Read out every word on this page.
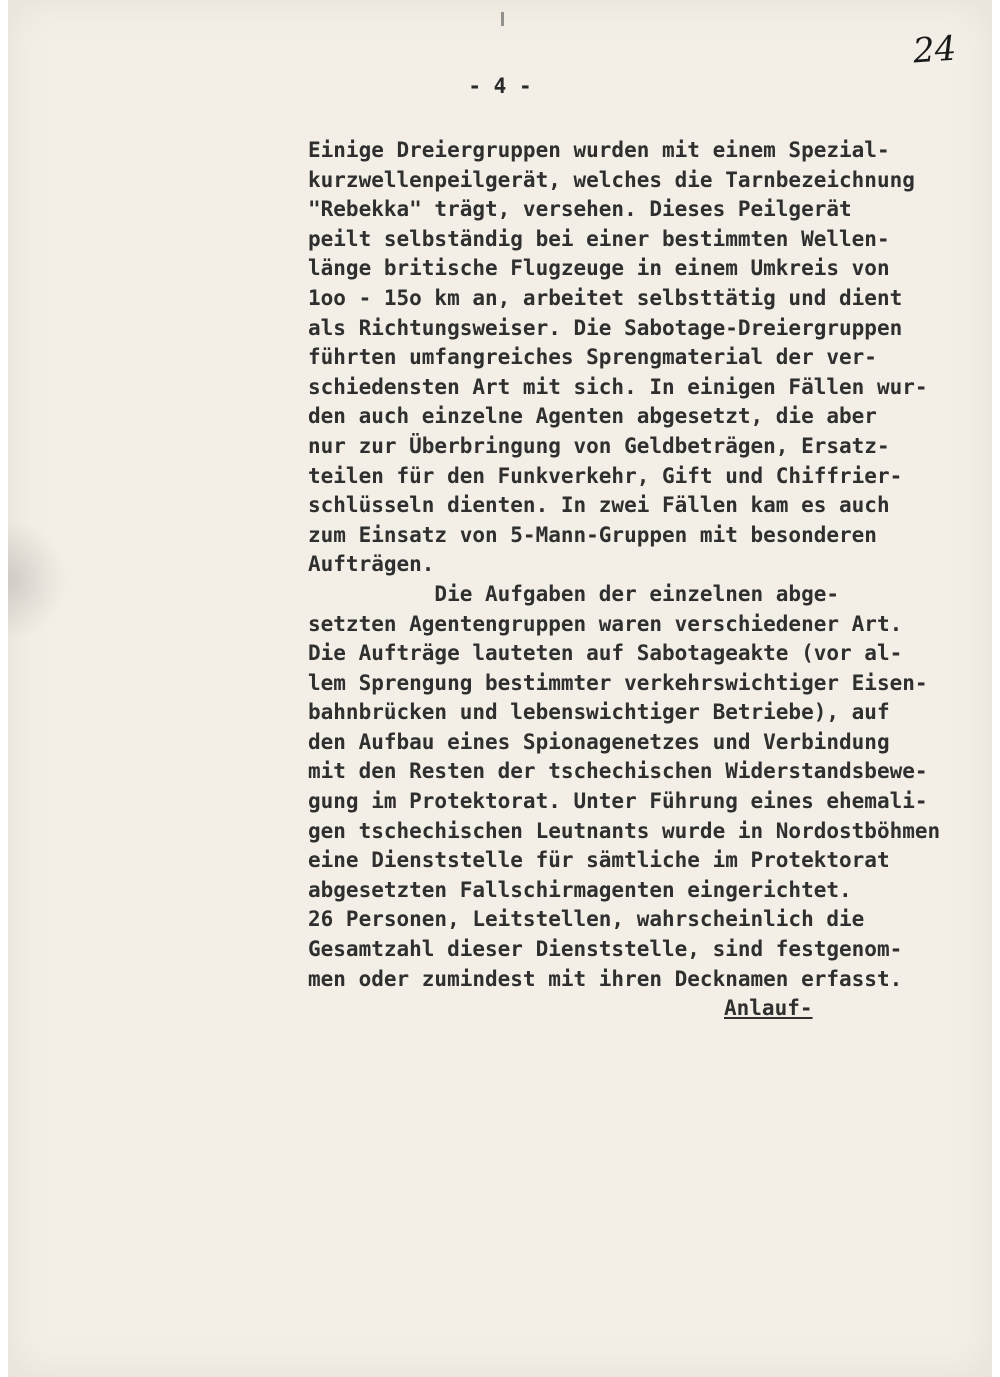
24
- 4 -
Einige Dreiergruppen wurden mit einem Spezial-
kurzwellenpeilgerät, welches die Tarnbezeichnung
"Rebekka" trägt, versehen. Dieses Peilgerät
peilt selbständig bei einer bestimmten Wellen-
länge britische Flugzeuge in einem Umkreis von
1oo - 15o km an, arbeitet selbsttätig und dient
als Richtungsweiser. Die Sabotage-Dreiergruppen
führten umfangreiches Sprengmaterial der ver-
schiedensten Art mit sich. In einigen Fällen wur-
den auch einzelne Agenten abgesetzt, die aber
nur zur Überbringung von Geldbeträgen, Ersatz-
teilen für den Funkverkehr, Gift und Chiffrier-
schlüsseln dienten. In zwei Fällen kam es auch
zum Einsatz von 5-Mann-Gruppen mit besonderen
Aufträgen.
Die Aufgaben der einzelnen abge-
setzten Agentengruppen waren verschiedener Art.
Die Aufträge lauteten auf Sabotageakte (vor al-
lem Sprengung bestimmter verkehrswichtiger Eisen-
bahnbrücken und lebenswichtiger Betriebe), auf
den Aufbau eines Spionagenetzes und Verbindung
mit den Resten der tschechischen Widerstandsbewe-
gung im Protektorat. Unter Führung eines ehemali-
gen tschechischen Leutnants wurde in Nordostböhmen
eine Dienststelle für sämtliche im Protektorat
abgesetzten Fallschirmagenten eingerichtet.
26 Personen, Leitstellen, wahrscheinlich die
Gesamtzahl dieser Dienststelle, sind festgenom-
men oder zumindest mit ihren Decknamen erfasst.
Anlauf-
